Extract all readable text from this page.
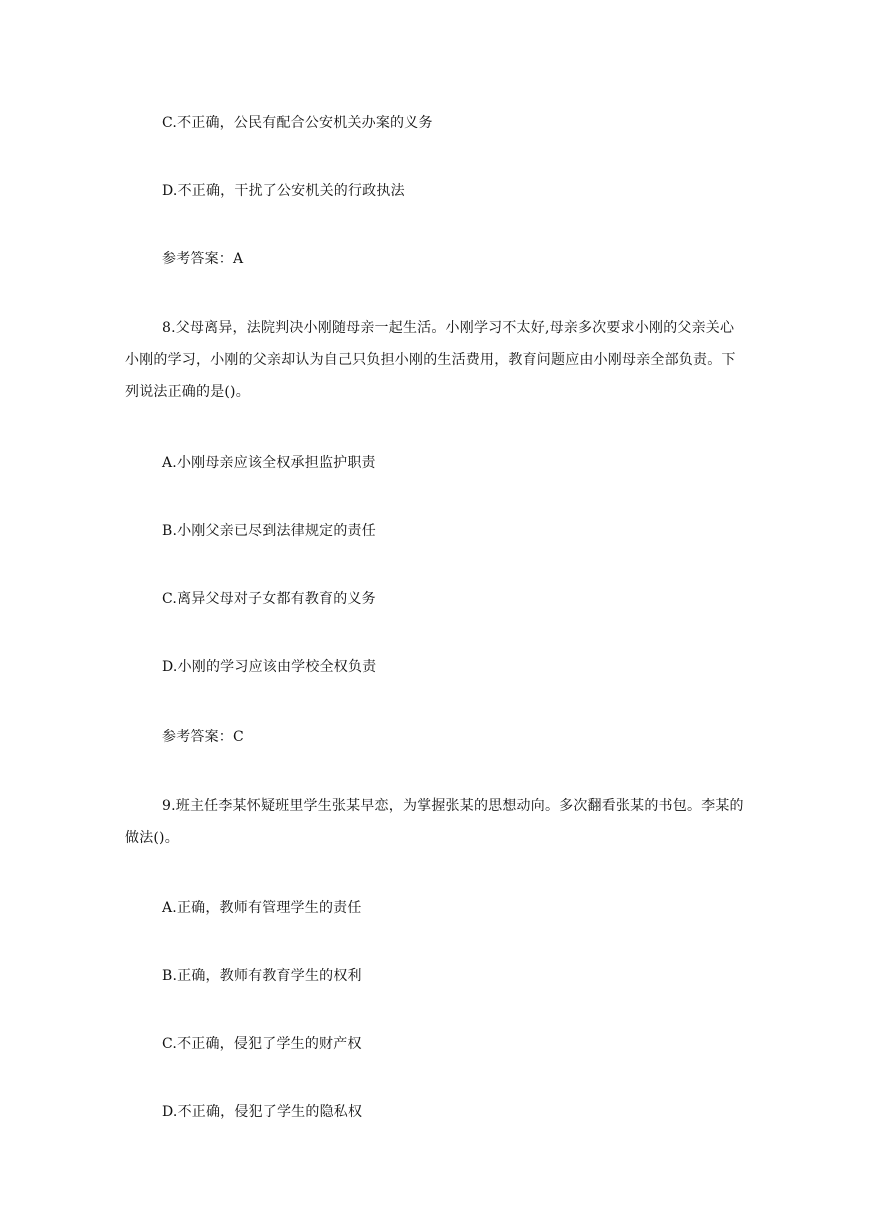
C.不正确，公民有配合公安机关办案的义务
D.不正确，干扰了公安机关的行政执法
参考答案：A
8.父母离异，法院判决小刚随母亲一起生活。小刚学习不太好,母亲多次要求小刚的父亲关心小刚的学习，小刚的父亲却认为自己只负担小刚的生活费用，教育问题应由小刚母亲全部负责。下列说法正确的是()。
A.小刚母亲应该全权承担监护职责
B.小刚父亲已尽到法律规定的责任
C.离异父母对子女都有教育的义务
D.小刚的学习应该由学校全权负责
参考答案：C
9.班主任李某怀疑班里学生张某早恋，为掌握张某的思想动向。多次翻看张某的书包。李某的做法()。
A.正确，教师有管理学生的责任
B.正确，教师有教育学生的权利
C.不正确，侵犯了学生的财产权
D.不正确，侵犯了学生的隐私权
